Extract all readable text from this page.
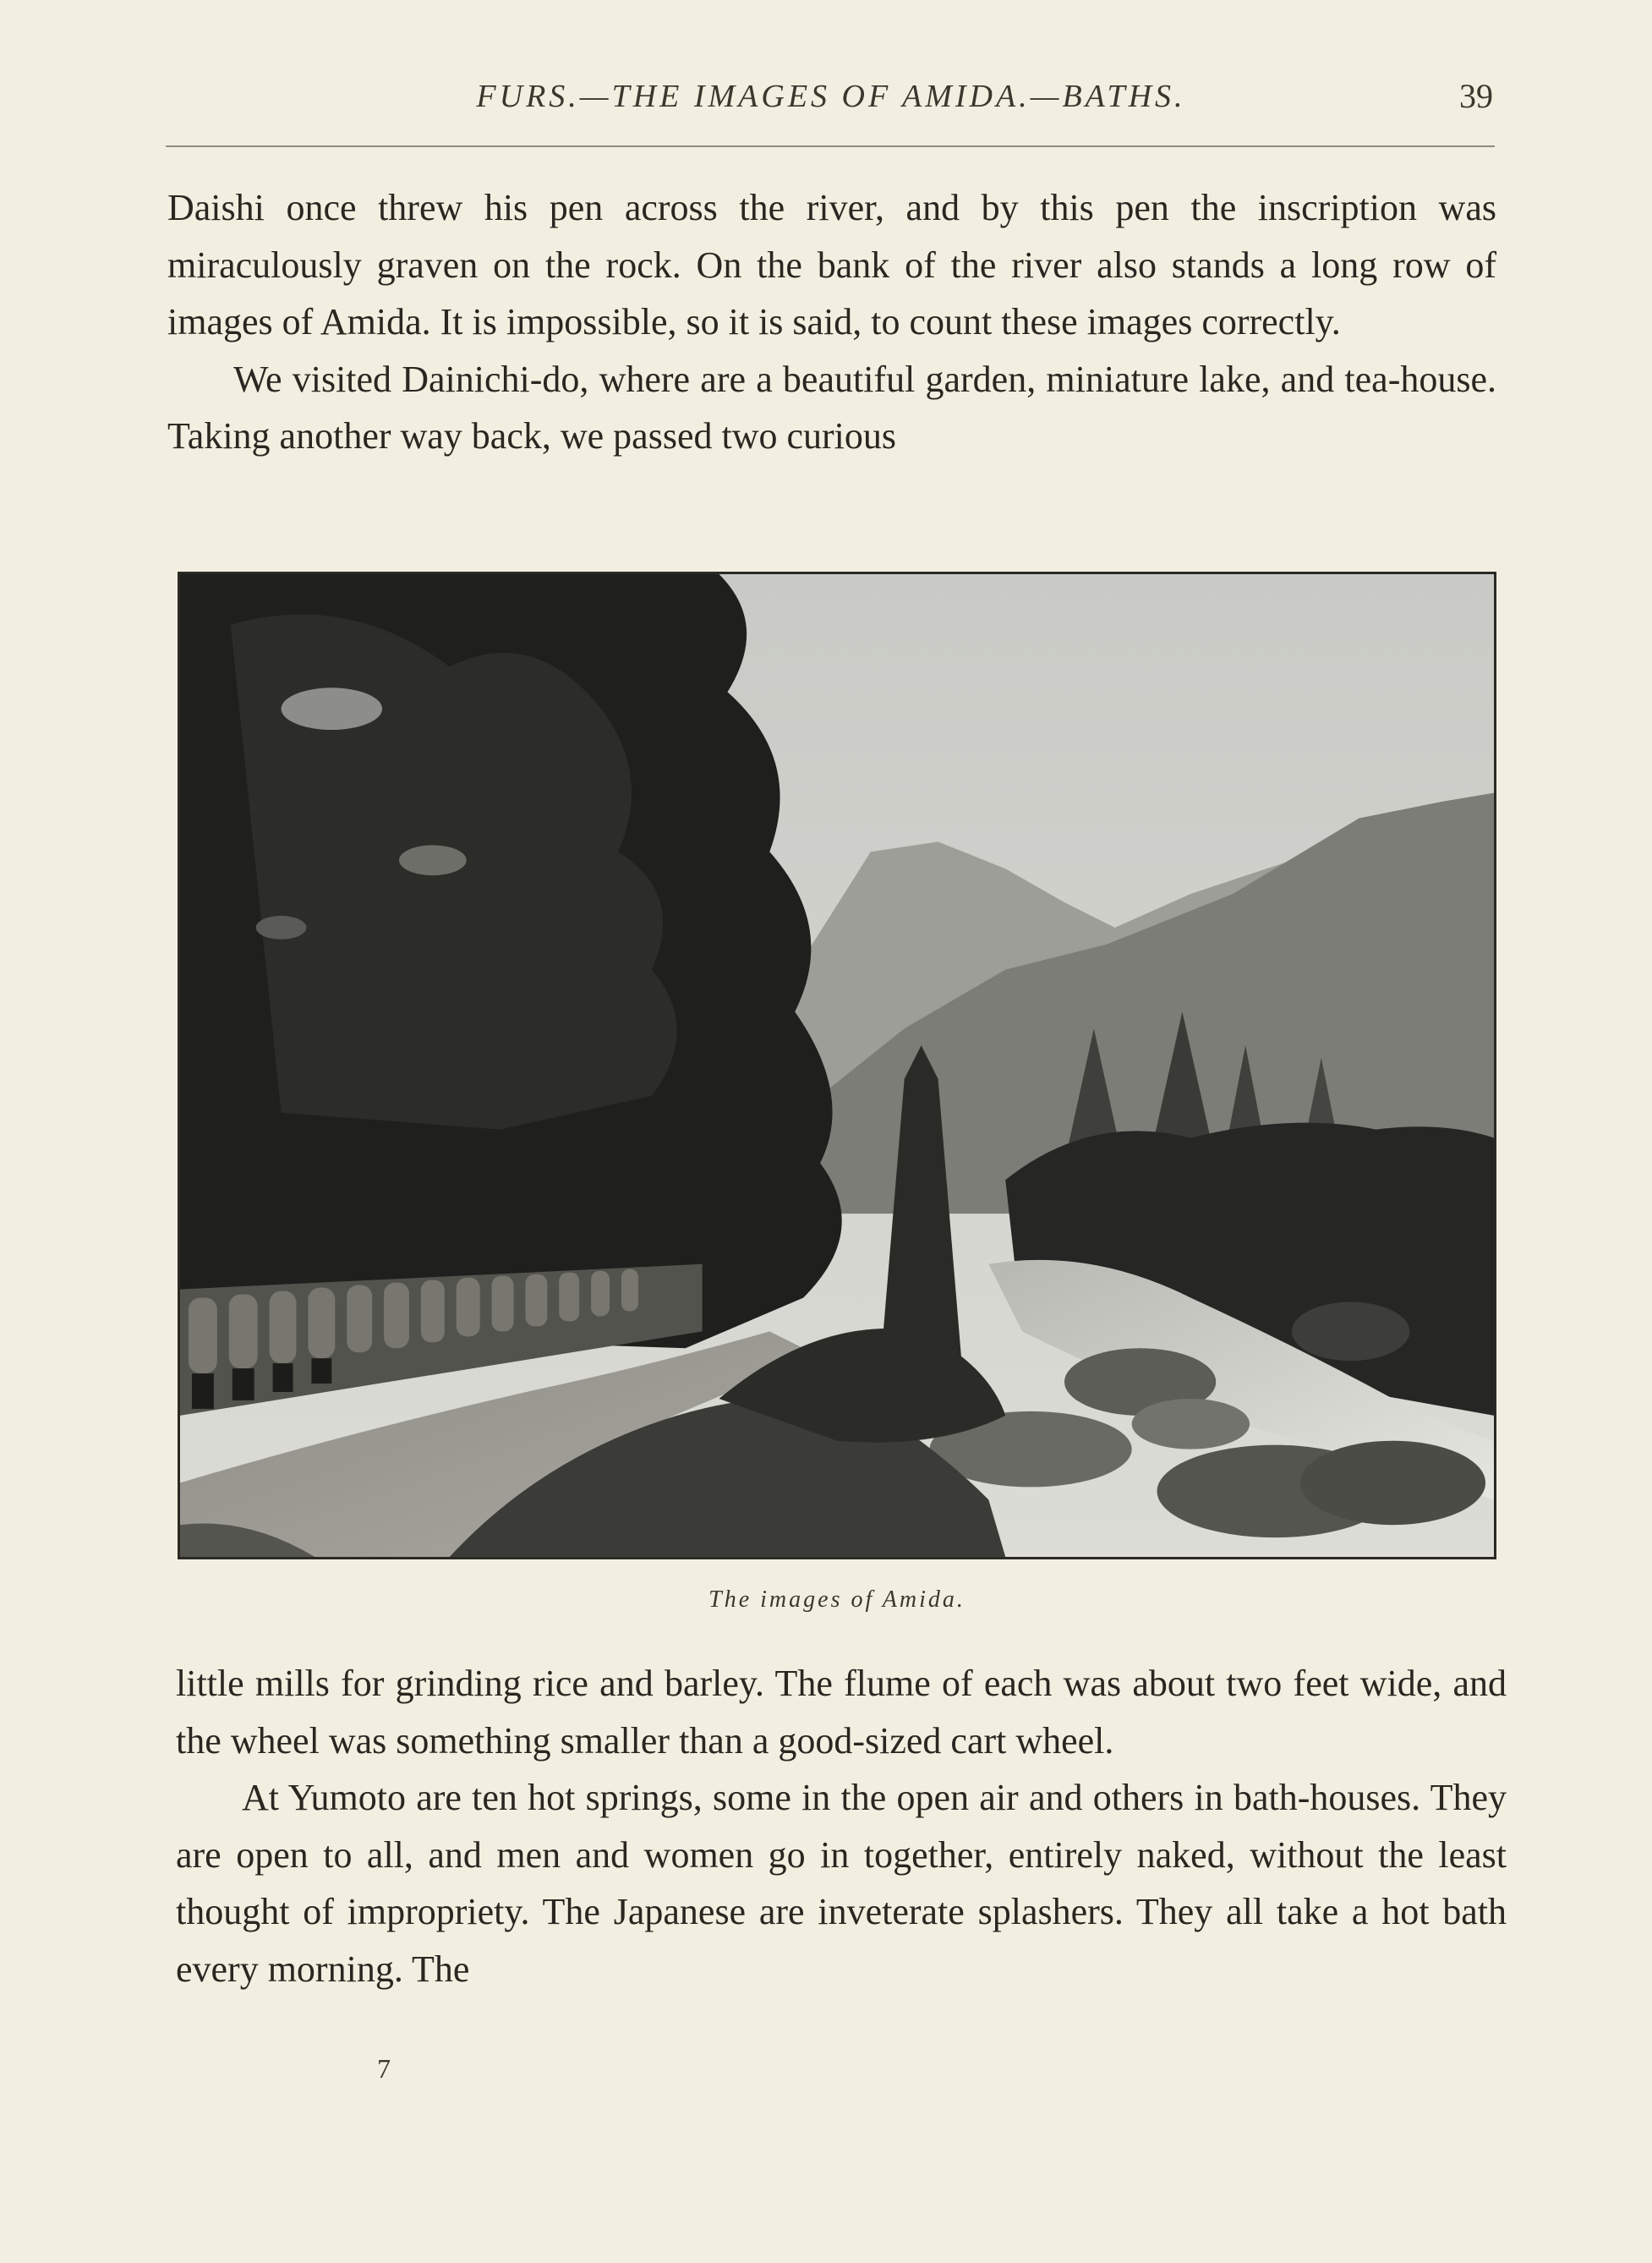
FURS.—THE IMAGES OF AMIDA.—BATHS.	39

Daishi once threw his pen across the river, and by this pen the inscription was miraculously graven on the rock. On the bank of the river also stands a long row of images of Amida. It is impossible, so it is said, to count these images correctly.

We visited Dainichi-do, where are a beautiful garden, miniature lake, and tea-house. Taking another way back, we passed two curious

The images of Amida.

little mills for grinding rice and barley. The flume of each was about two feet wide, and the wheel was something smaller than a good-sized cart wheel.

At Yumoto are ten hot springs, some in the open air and others in bath-houses. They are open to all, and men and women go in together, entirely naked, without the least thought of impropriety. The Japanese are inveterate splashers. They all take a hot bath every morning. The

7
